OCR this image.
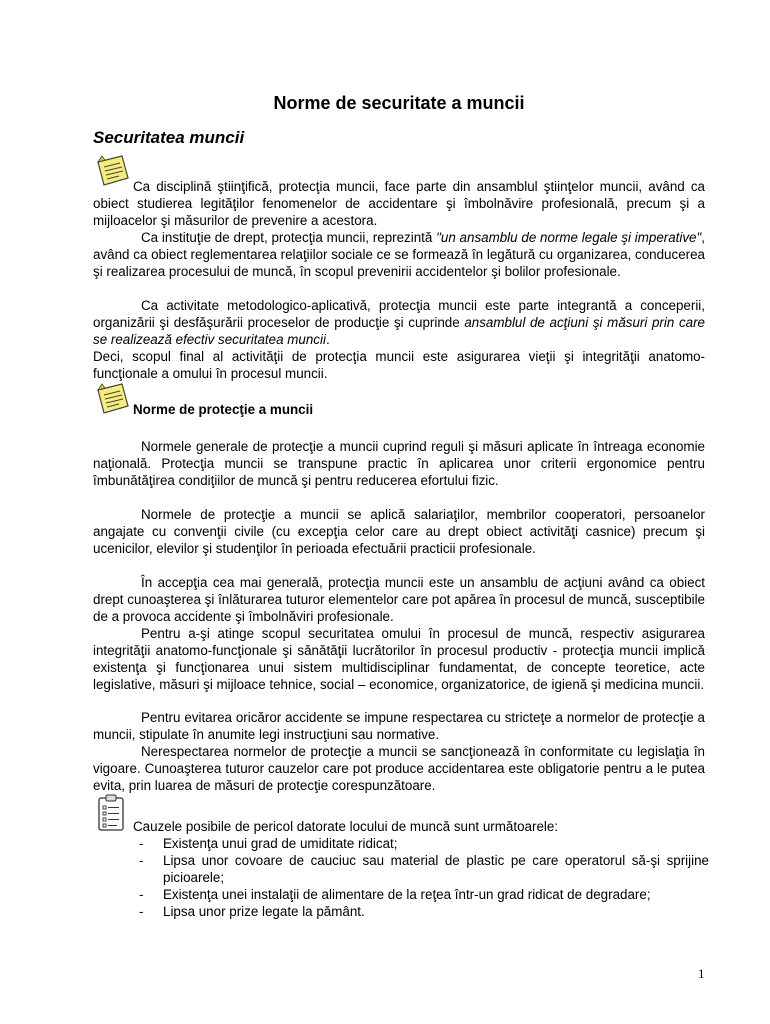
Norme de securitate a muncii
Securitatea muncii
Ca disciplină ştiinţifică, protecţia muncii, face parte din ansamblul ştiinţelor muncii, având ca obiect studierea legităţilor fenomenelor de accidentare şi îmbolnăvire profesională, precum şi a mijloacelor şi măsurilor de prevenire a acestora.
Ca instituţie de drept, protecţia muncii, reprezintă "un ansamblu de norme legale şi imperative", având ca obiect reglementarea relaţiilor sociale ce se formează în legătură cu organizarea, conducerea şi realizarea procesului de muncă, în scopul prevenirii accidentelor şi bolilor profesionale.
Ca activitate metodologico-aplicativă, protecţia muncii este parte integrantă a conceperii, organizării şi desfăşurării proceselor de producţie şi cuprinde ansamblul de acţiuni şi măsuri prin care se realizează efectiv securitatea muncii.
Deci, scopul final al activităţii de protecţia muncii este asigurarea vieţii şi integrităţii anatomo-funcţionale a omului în procesul muncii.
Norme de protecţie a muncii
Normele generale de protecţie a muncii cuprind reguli şi măsuri aplicate în întreaga economie naţională. Protecţia muncii se transpune practic în aplicarea unor criterii ergonomice pentru îmbunătăţirea condiţiilor de muncă şi pentru reducerea efortului fizic.
Normele de protecţie a muncii se aplică salariaţilor, membrilor cooperatori, persoanelor angajate cu convenţii civile (cu excepţia celor care au drept obiect activităţi casnice) precum şi ucenicilor, elevilor şi studenţilor în perioada efectuării practicii profesionale.
În accepţia cea mai generală, protecţia muncii este un ansamblu de acţiuni având ca obiect drept cunoaşterea şi înlăturarea tuturor elementelor care pot apărea în procesul de muncă, susceptibile de a provoca accidente şi îmbolnăviri profesionale.
Pentru a-şi atinge scopul securitatea omului în procesul de muncă, respectiv asigurarea integrităţii anatomo-funcţionale şi sănătăţii lucrătorilor în procesul productiv - protecţia muncii implică existenţa şi funcţionarea unui sistem multidisciplinar fundamentat, de concepte teoretice, acte legislative, măsuri şi mijloace tehnice, social – economice, organizatorice, de igienă şi medicina muncii.
Pentru evitarea oricăror accidente se impune respectarea cu stricteţe a normelor de protecţie a muncii, stipulate în anumite legi instrucţiuni sau normative.
Nerespectarea normelor de protecţie a muncii se sancţionează în conformitate cu legislaţia în vigoare. Cunoaşterea tuturor cauzelor care pot produce accidentarea este obligatorie pentru a le putea evita, prin luarea de măsuri de protecţie corespunzătoare.
Cauzele posibile de pericol datorate locului de muncă sunt următoarele:
- Existenţa unui grad de umiditate ridicat;
- Lipsa unor covoare de cauciuc sau material de plastic pe care operatorul să-şi sprijine picioarele;
- Existenţa unei instalaţii de alimentare de la reţea într-un grad ridicat de degradare;
- Lipsa unor prize legate la pământ.
1
